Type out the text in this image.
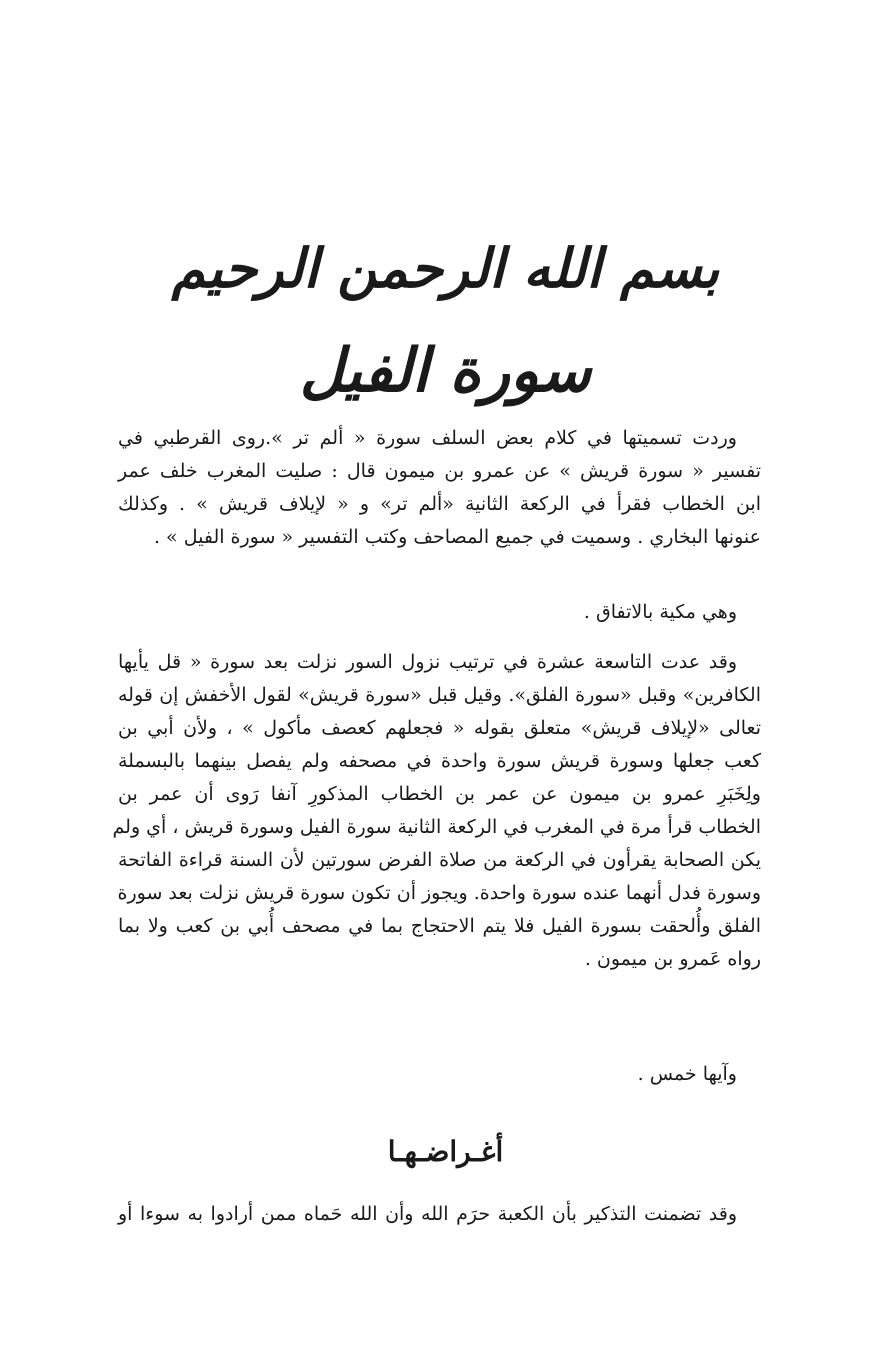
بسم الله الرحمن الرحيم
سورة الفيل
وردت تسميتها في كلام بعض السلف سورة « ألم تر ».روى القرطبي في
تفسير « سورة قريش » عن عمرو بن ميمون قال : صليت المغرب خلف عمر
ابن الخطاب فقرأ في الركعة الثانية «ألم تر» و « لإيلاف قريش » . وكذلك
عنونها البخاري . وسميت في جميع المصاحف وكتب التفسير « سورة الفيل » .
وهي مكية بالاتفاق .
وقد عدت التاسعة عشرة في ترتيب نزول السور نزلت بعد سورة « قل يأيها
الكافرين» وقبل «سورة الفلق». وقيل قبل «سورة قريش» لقول الأخفش إن قوله
تعالى «لإيلاف قريش» متعلق بقوله « فجعلهم كعصف مأكول » ، ولأن أبي بن
كعب جعلها وسورة قريش سورة واحدة في مصحفه ولم يفصل بينهما بالبسملة
ولِخَبَرِ عمرو بن ميمون عن عمر بن الخطاب المذكورِ آنفا رَوى أن عمر بن
الخطاب قرأ مرة في المغرب في الركعة الثانية سورة الفيل وسورة قريش ، أي ولم
يكن الصحابة يقرأون في الركعة من صلاة الفرض سورتين لأن السنة قراءة الفاتحة
وسورة فدل أنهما عنده سورة واحدة. ويجوز أن تكون سورة قريش نزلت بعد سورة
الفلق وأُلحقت بسورة الفيل فلا يتم الاحتجاج بما في مصحف أُبي بن كعب ولا بما
رواه عَمرو بن ميمون .
وآيها خمس .
أغـراضـهـا
وقد تضمنت التذكير بأن الكعبة حرَم الله وأن الله حَماه ممن أرادوا به سوءا أو
